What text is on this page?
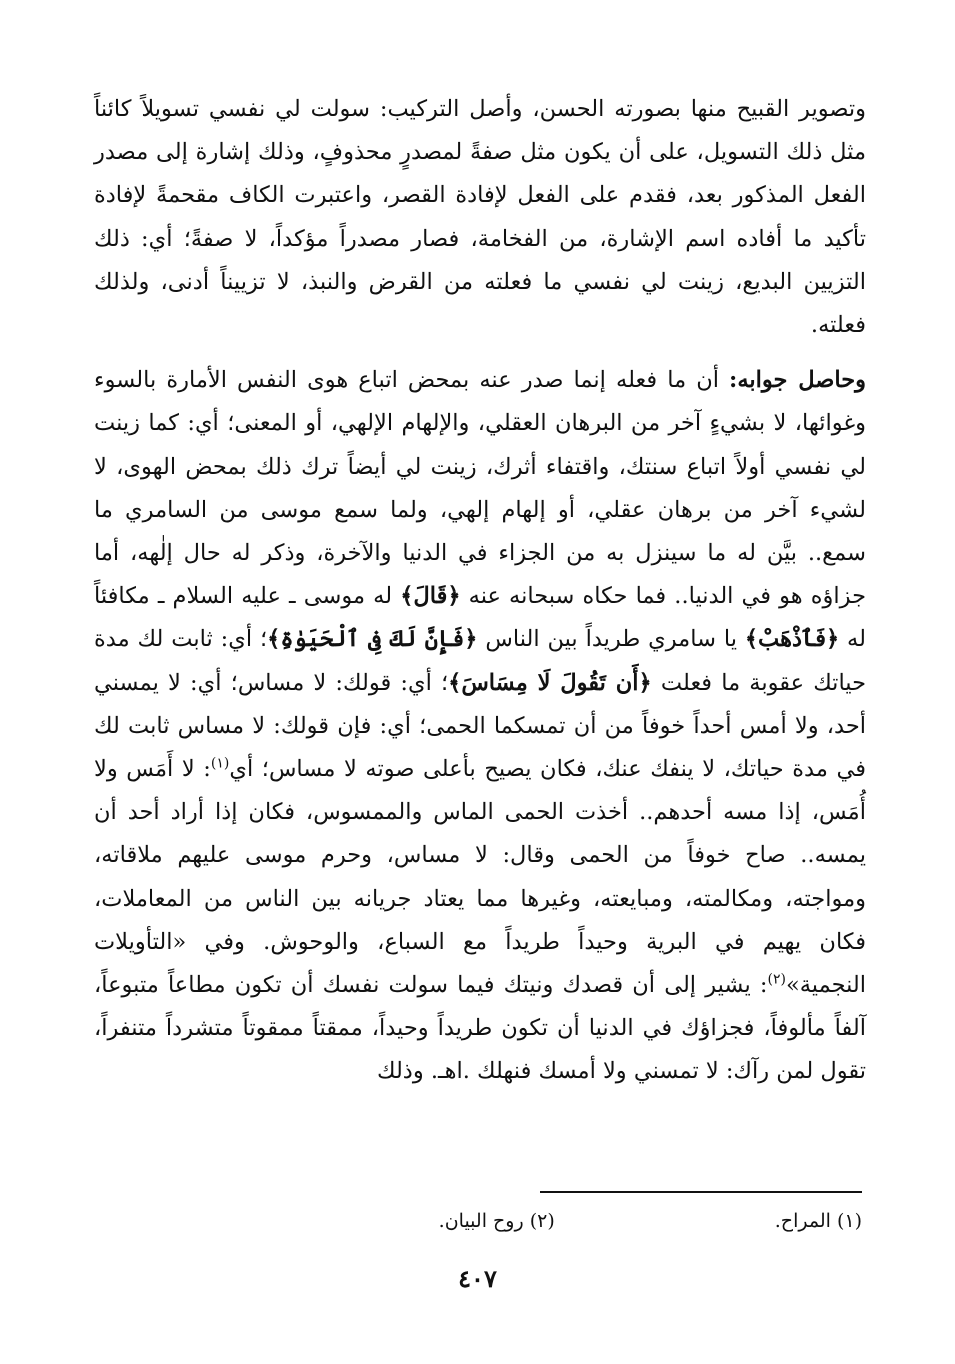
وتصوير القبيح منها بصورته الحسن، وأصل التركيب: سولت لي نفسي تسويلاً كائناً مثل ذلك التسويل، على أن يكون مثل صفةً لمصدرٍ محذوفٍ، وذلك إشارة إلى مصدر الفعل المذكور بعد، فقدم على الفعل لإفادة القصر، واعتبرت الكاف مقحمةً لإفادة تأكيد ما أفاده اسم الإشارة، من الفخامة، فصار مصدراً مؤكداً، لا صفةً؛ أي: ذلك التزيين البديع، زينت لي نفسي ما فعلته من القرض والنبذ، لا تزييناً أدنى، ولذلك فعلته.

وحاصل جوابه: أن ما فعله إنما صدر عنه بمحض اتباع هوى النفس الأمارة بالسوء وغوائها، لا بشيءٍ آخر من البرهان العقلي، والإلهام الإلهي، أو المعنى؛ أي: كما زينت لي نفسي أولاً اتباع سنتك، واقتفاء أثرك، زينت لي أيضاً ترك ذلك بمحض الهوى، لا لشيء آخر من برهان عقلي، أو إلهام إلهي، ولما سمع موسى من السامري ما سمع.. بيَّن له ما سينزل به من الجزاء في الدنيا والآخرة، وذكر له حال إلٰهه، أما جزاؤه هو في الدنيا.. فما حكاه سبحانه عنه ﴿قَالَ﴾ له موسى ـ عليه السلام ـ مكافئاً له ﴿فَٱذْهَبْ﴾ يا سامري طريداً بين الناس ﴿فَإِنَّ لَكَ فِى ٱلْحَيَوٰةِ﴾؛ أي: ثابت لك مدة حياتك عقوبة ما فعلت ﴿أَن تَقُولَ لَا مِسَاسَ﴾؛ أي: قولك: لا مساس؛ أي: لا يمسني أحد، ولا أمس أحداً خوفاً من أن تمسكما الحمى؛ أي: فإن قولك: لا مساس ثابت لك في مدة حياتك، لا ينفك عنك، فكان يصيح بأعلى صوته لا مساس؛ أي$^{(١)}$: لا أَمَس ولا أُمَس، إذا مسه أحدهم.. أخذت الحمى الماس والممسوس، فكان إذا أراد أحد أن يمسه.. صاح خوفاً من الحمى وقال: لا مساس، وحرم موسى عليهم ملاقاته، ومواجته، ومكالمته، ومبايعته، وغيرها مما يعتاد جريانه بين الناس من المعاملات، فكان يهيم في البرية وحيداً طريداً مع السباع، والوحوش. وفي «التأويلات النجمية»$^{(٢)}$: يشير إلى أن قصدك ونيتك فيما سولت نفسك أن تكون مطاعاً متبوعاً، آلفاً مألوفاً، فجزاؤك في الدنيا أن تكون طريداً وحيداً، ممقتاً ممقوتاً متشرداً متنفراً، تقول لمن رآك: لا تمسني ولا أمسك فنهلك .اهـ. وذلك

(١) المراح.
(٢) روح البيان.
٤٠٧
